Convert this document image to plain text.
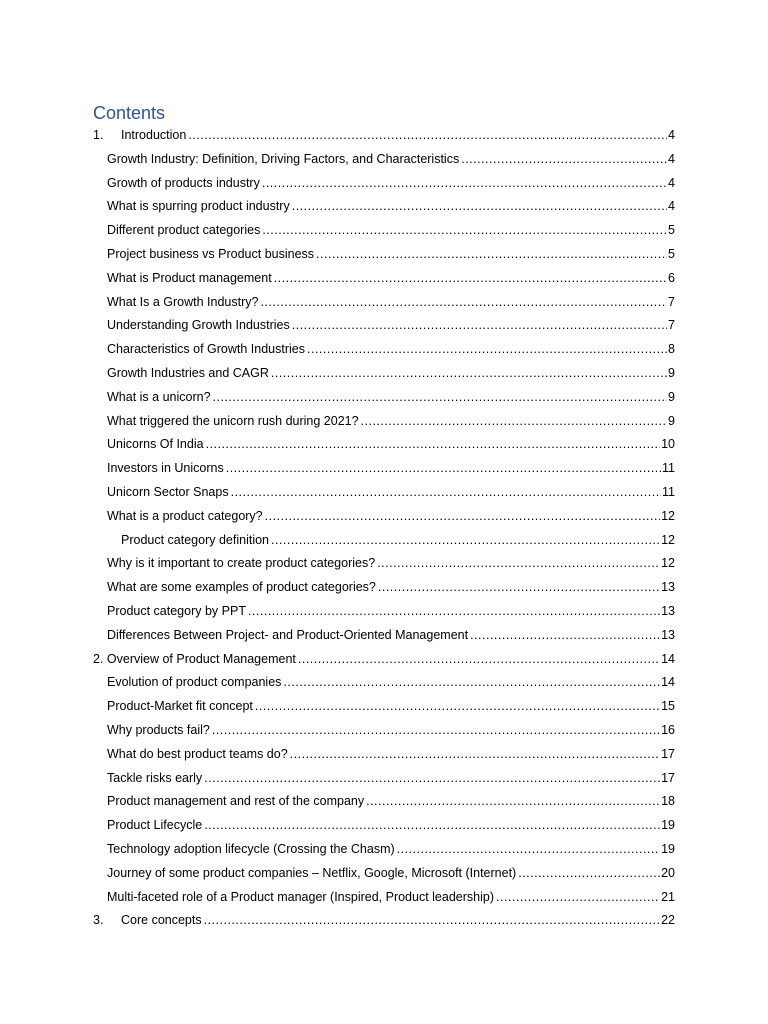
Contents
1.	Introduction .....	4
Growth Industry: Definition, Driving Factors, and Characteristics .....	4
Growth of products industry .....	4
What is spurring product industry .....	4
Different product categories .....	5
Project business vs Product business .....	5
What is Product management .....	6
What Is a Growth Industry? .....	7
Understanding Growth Industries .....	7
Characteristics of Growth Industries .....	8
Growth Industries and CAGR .....	9
What is a unicorn? .....	9
What triggered the unicorn rush during 2021? .....	9
Unicorns Of India .....	10
Investors in Unicorns .....	11
Unicorn Sector Snaps .....	11
What is a product category? .....	12
Product category definition .....	12
Why is it important to create product categories? .....	12
What are some examples of product categories? .....	13
Product category by PPT .....	13
Differences Between Project- and Product-Oriented Management .....	13
2. Overview of Product Management .....	14
Evolution of product companies .....	14
Product-Market fit concept .....	15
Why products fail? .....	16
What do best product teams do? .....	17
Tackle risks early .....	17
Product management and rest of the company .....	18
Product Lifecycle .....	19
Technology adoption lifecycle (Crossing the Chasm) .....	19
Journey of some product companies – Netflix, Google, Microsoft (Internet) .....	20
Multi-faceted role of a Product manager (Inspired, Product leadership) .....	21
3.	Core concepts .....	22
